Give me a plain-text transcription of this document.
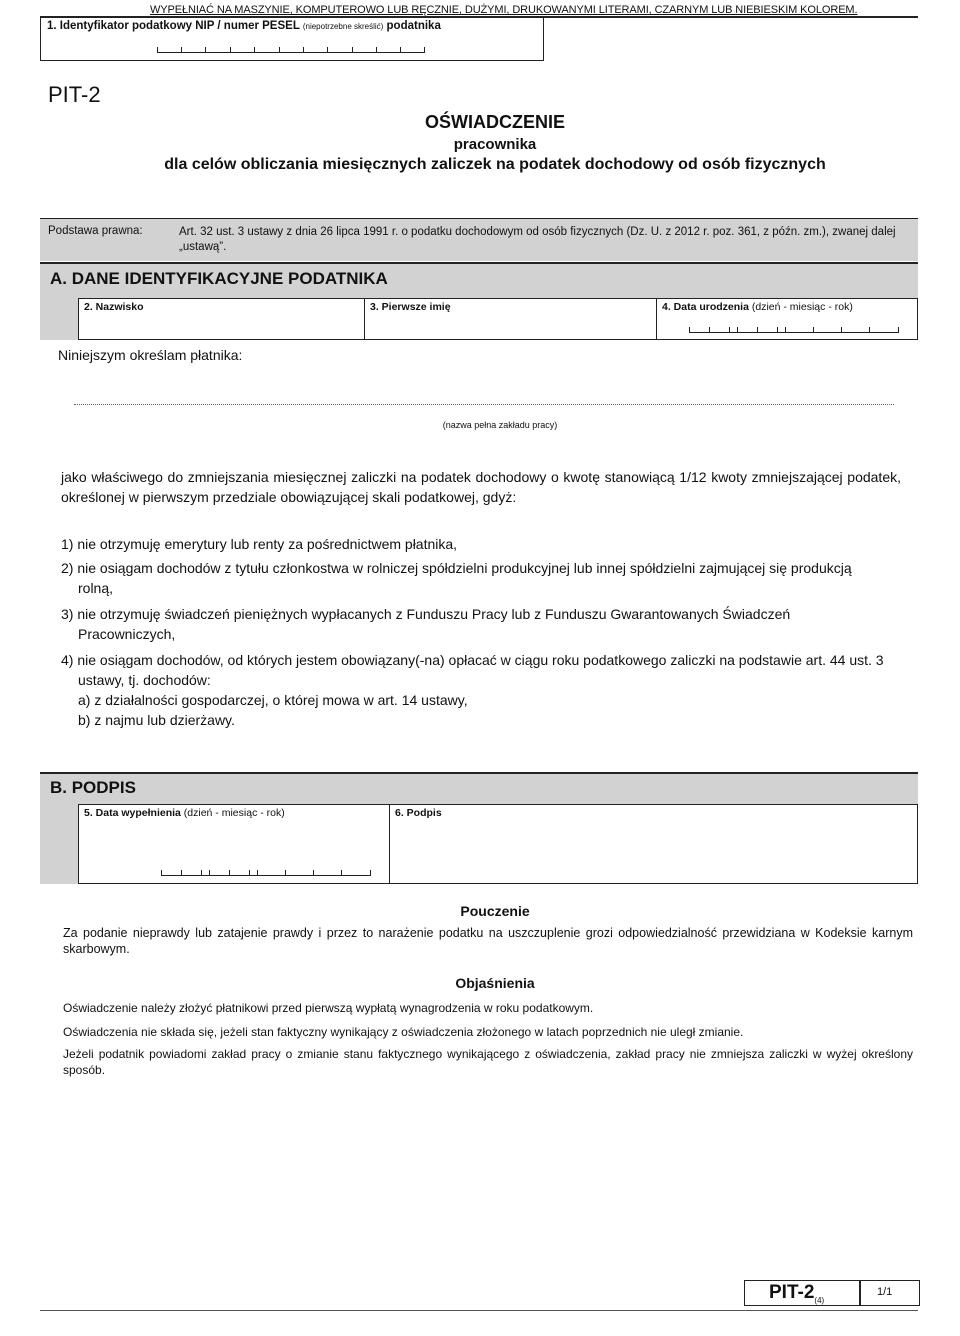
WYPEŁNIAĆ NA MASZYNIE, KOMPUTEROWO LUB RĘCZNIE, DUŻYMI, DRUKOWANYMI LITERAMI, CZARNYM LUB NIEBIESKIM KOLOREM.
1. Identyfikator podatkowy NIP / numer PESEL (niepotrzebne skreślić) podatnika
PIT-2
OŚWIADCZENIE
pracownika
dla celów obliczania miesięcznych zaliczek na podatek dochodowy od osób fizycznych
Podstawa prawna:	Art. 32 ust. 3 ustawy z dnia 26 lipca 1991 r. o podatku dochodowym od osób fizycznych (Dz. U. z 2012 r. poz. 361, z późn. zm.), zwanej dalej „ustawą”.
A. DANE IDENTYFIKACYJNE PODATNIKA
2. Nazwisko	3. Pierwsze imię	4. Data urodzenia (dzień - miesiąc - rok)
Niniejszym określam płatnika:
(nazwa pełna zakładu pracy)
jako właściwego do zmniejszania miesięcznej zaliczki na podatek dochodowy o kwotę stanowiącą 1/12 kwoty zmniejszającej podatek, określonej w pierwszym przedziale obowiązującej skali podatkowej, gdyż:
1) nie otrzymuję emerytury lub renty za pośrednictwem płatnika,
2) nie osiągam dochodów z tytułu członkostwa w rolniczej spółdzielni produkcyjnej lub innej spółdzielni zajmującej się produkcją
rolną,
3) nie otrzymuję świadczeń pieniężnych wypłacanych z Funduszu Pracy lub z Funduszu Gwarantowanych Świadczeń
Pracowniczych,
4) nie osiągam dochodów, od których jestem obowiązany(-na) opłacać w ciągu roku podatkowego zaliczki na podstawie art. 44 ust. 3
ustawy, tj. dochodów:
a) z działalności gospodarczej, o której mowa w art. 14 ustawy,
b) z najmu lub dzierżawy.
B. PODPIS
5. Data wypełnienia (dzień - miesiąc - rok)	6. Podpis
Pouczenie
Za podanie nieprawdy lub zatajenie prawdy i przez to narażenie podatku na uszczuplenie grozi odpowiedzialność przewidziana w Kodeksie karnym skarbowym.
Objaśnienia
Oświadczenie należy złożyć płatnikowi przed pierwszą wypłatą wynagrodzenia w roku podatkowym.
Oświadczenia nie składa się, jeżeli stan faktyczny wynikający z oświadczenia złożonego w latach poprzednich nie uległ zmianie.
Jeżeli podatnik powiadomi zakład pracy o zmianie stanu faktycznego wynikającego z oświadczenia, zakład pracy nie zmniejsza zaliczki w wyżej określony sposób.
PIT-$2_{(4)}$
1/1
